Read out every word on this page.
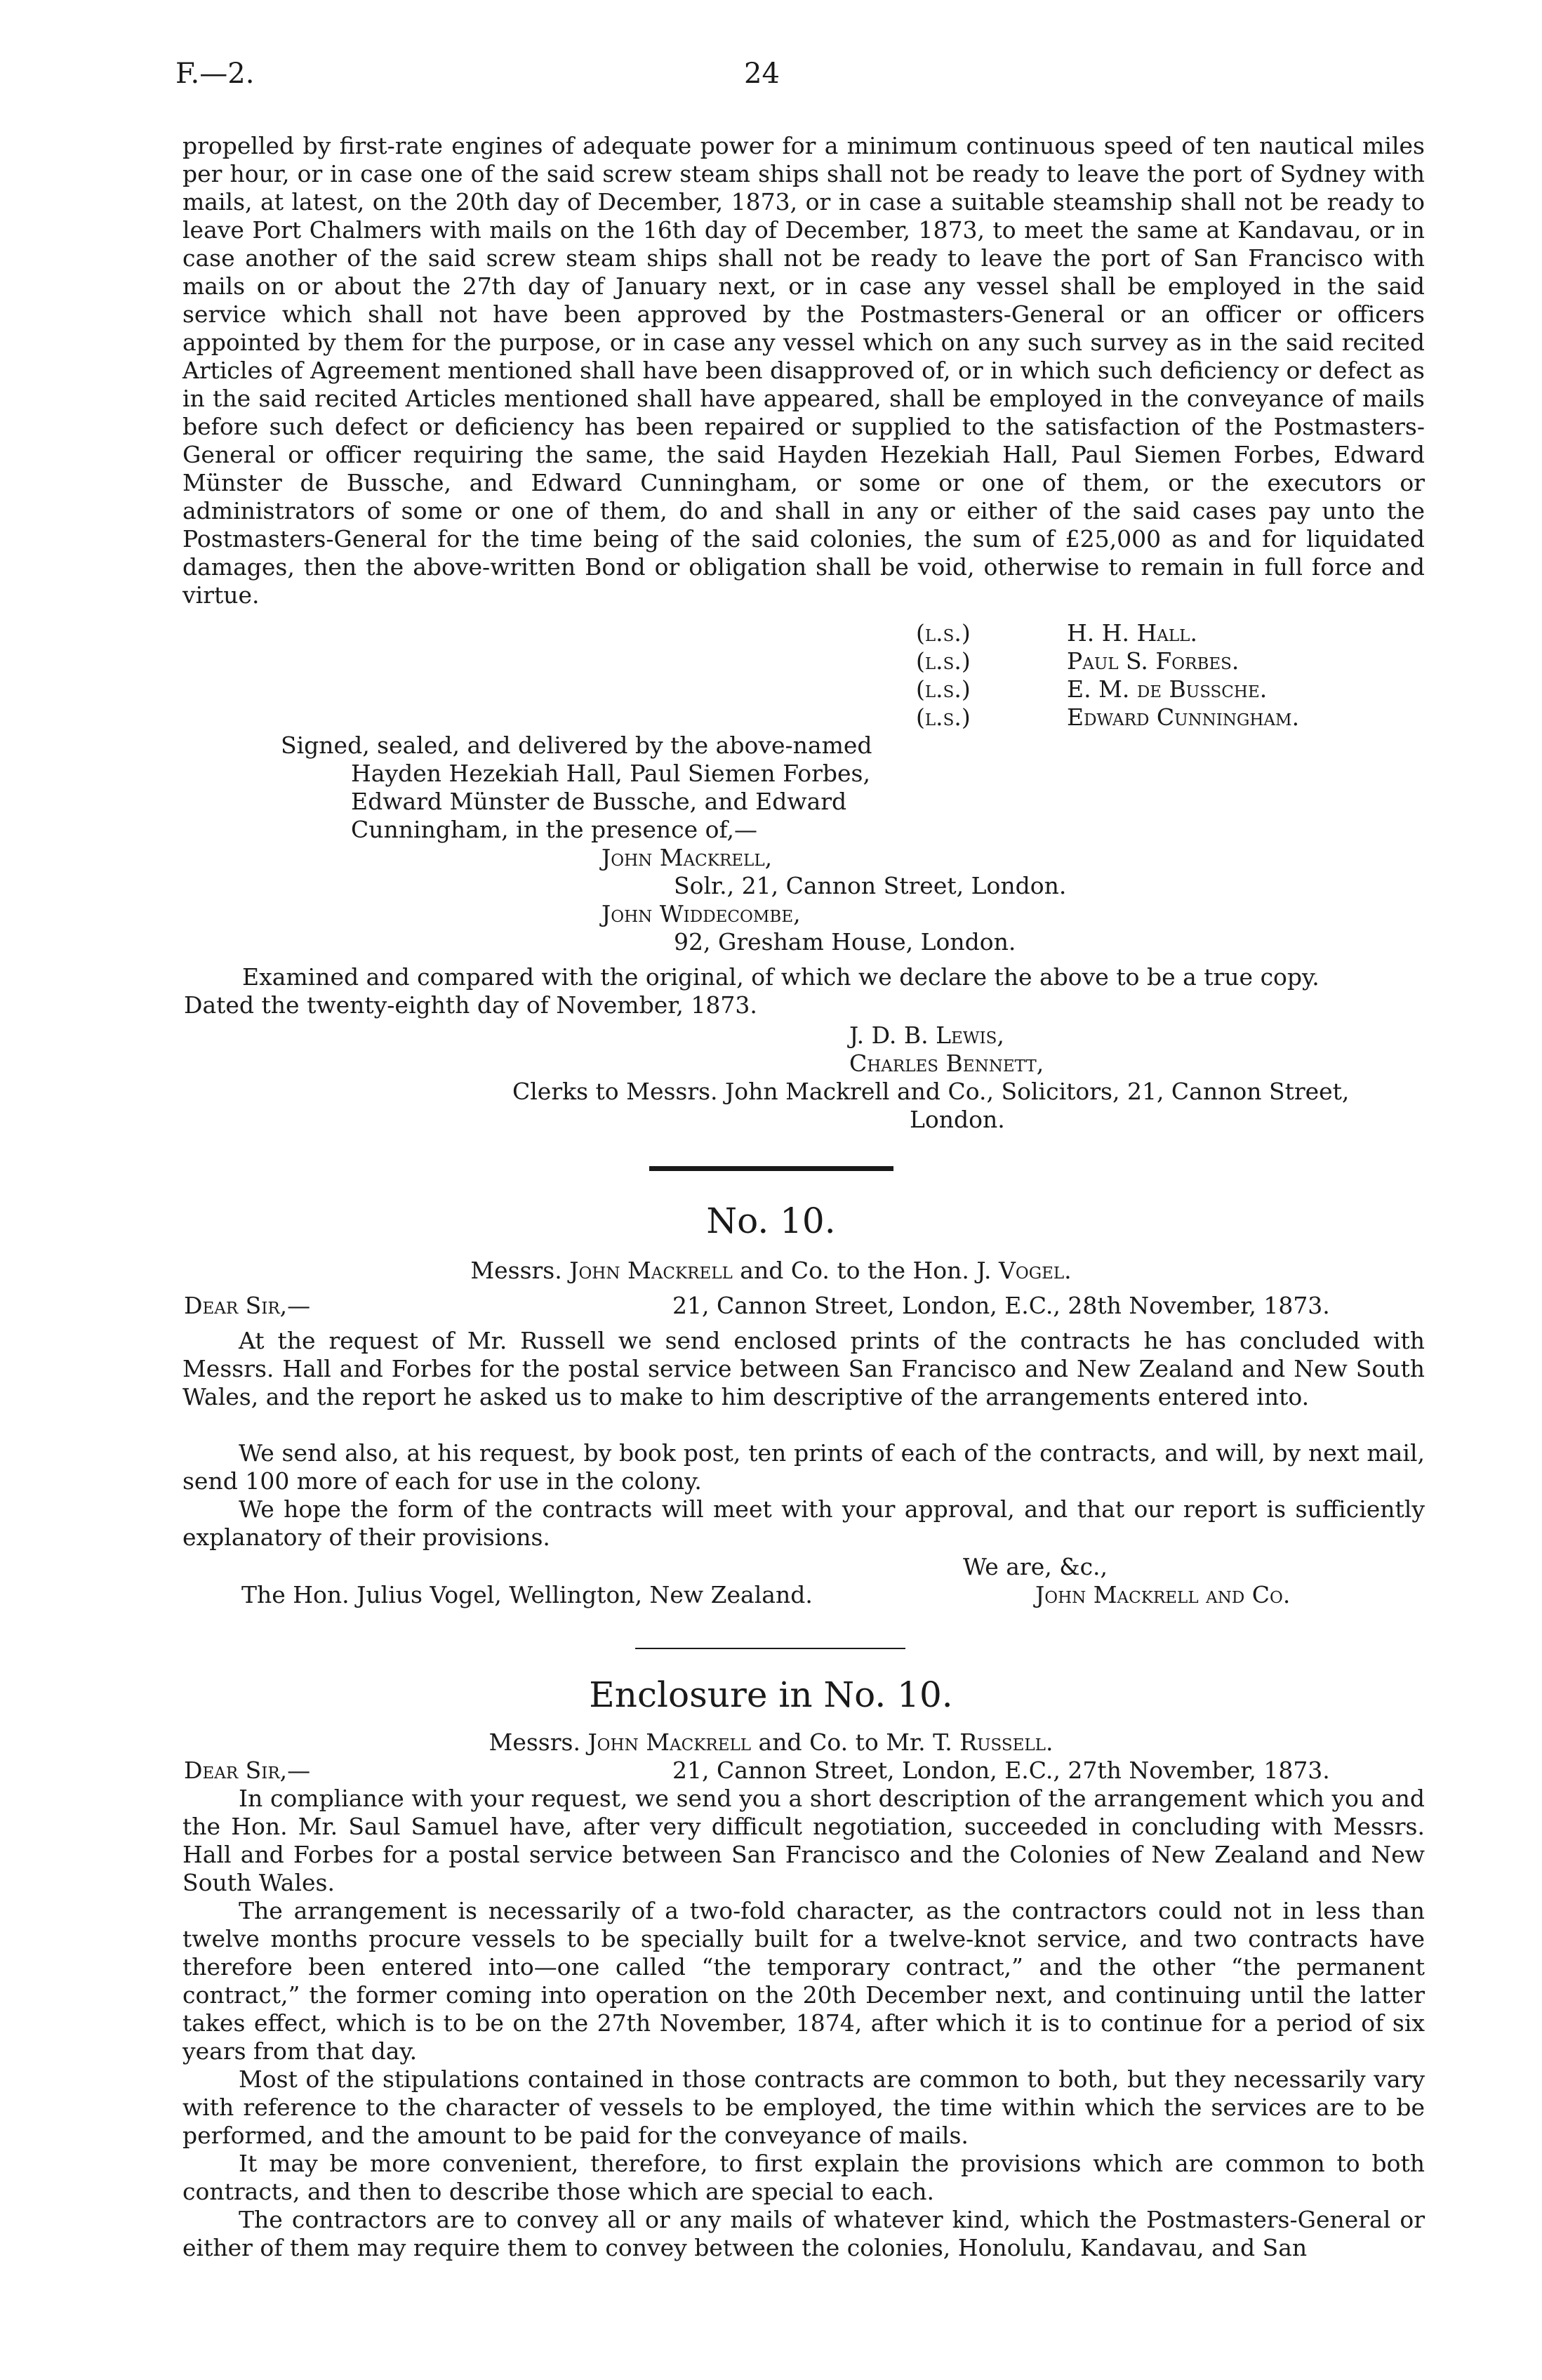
F.—2.	24

propelled by first-rate engines of adequate power for a minimum continuous speed of ten nautical miles per hour, or in case one of the said screw steam ships shall not be ready to leave the port of Sydney with mails, at latest, on the 20th day of December, 1873, or in case a suitable steamship shall not be ready to leave Port Chalmers with mails on the 16th day of December, 1873, to meet the same at Kandavau, or in case another of the said screw steam ships shall not be ready to leave the port of San Francisco with mails on or about the 27th day of January next, or in case any vessel shall be employed in the said service which shall not have been approved by the Postmasters-General or an officer or officers appointed by them for the purpose, or in case any vessel which on any such survey as in the said recited Articles of Agreement mentioned shall have been disapproved of, or in which such deficiency or defect as in the said recited Articles mentioned shall have appeared, shall be employed in the conveyance of mails before such defect or deficiency has been repaired or supplied to the satisfaction of the Postmasters-General or officer requiring the same, the said Hayden Hezekiah Hall, Paul Siemen Forbes, Edward Münster de Bussche, and Edward Cunningham, or some or one of them, or the executors or administrators of some or one of them, do and shall in any or either of the said cases pay unto the Postmasters-General for the time being of the said colonies, the sum of £25,000 as and for liquidated damages, then the above-written Bond or obligation shall be void, otherwise to remain in full force and virtue.

(l.s.)	H. H. Hall.
(l.s.)	Paul S. Forbes.
(l.s.)	E. M. de Bussche.
(l.s.)	Edward Cunningham.
Signed, sealed, and delivered by the above-named
Hayden Hezekiah Hall, Paul Siemen Forbes,
Edward Münster de Bussche, and Edward
Cunningham, in the presence of,—
John Mackrell,
Solr., 21, Cannon Street, London.
John Widdecombe,
92, Gresham House, London.
Examined and compared with the original, of which we declare the above to be a true copy.
Dated the twenty-eighth day of November, 1873.
J. D. B. Lewis,
Charles Bennett,
Clerks to Messrs. John Mackrell and Co., Solicitors, 21, Cannon Street,
London.
No. 10.
Messrs. John Mackrell and Co. to the Hon. J. Vogel.
Dear Sir,—	21, Cannon Street, London, E.C., 28th November, 1873.

At the request of Mr. Russell we send enclosed prints of the contracts he has concluded with Messrs. Hall and Forbes for the postal service between San Francisco and New Zealand and New South Wales, and the report he asked us to make to him descriptive of the arrangements entered into.

We send also, at his request, by book post, ten prints of each of the contracts, and will, by next mail, send 100 more of each for use in the colony.

We hope the form of the contracts will meet with your approval, and that our report is sufficiently explanatory of their provisions.

We are, &c.,
The Hon. Julius Vogel, Wellington, New Zealand.	John Mackrell and Co.
Enclosure in No. 10.
Messrs. John Mackrell and Co. to Mr. T. Russell.
Dear Sir,—	21, Cannon Street, London, E.C., 27th November, 1873.

In compliance with your request, we send you a short description of the arrangement which you and the Hon. Mr. Saul Samuel have, after very difficult negotiation, succeeded in concluding with Messrs. Hall and Forbes for a postal service between San Francisco and the Colonies of New Zealand and New South Wales.

The arrangement is necessarily of a two-fold character, as the contractors could not in less than twelve months procure vessels to be specially built for a twelve-knot service, and two contracts have therefore been entered into—one called “the temporary contract,” and the other “the permanent contract,” the former coming into operation on the 20th December next, and continuing until the latter takes effect, which is to be on the 27th November, 1874, after which it is to continue for a period of six years from that day.

Most of the stipulations contained in those contracts are common to both, but they necessarily vary with reference to the character of vessels to be employed, the time within which the services are to be performed, and the amount to be paid for the conveyance of mails.

It may be more convenient, therefore, to first explain the provisions which are common to both contracts, and then to describe those which are special to each.

The contractors are to convey all or any mails of whatever kind, which the Postmasters-General or either of them may require them to convey between the colonies, Honolulu, Kandavau, and San
